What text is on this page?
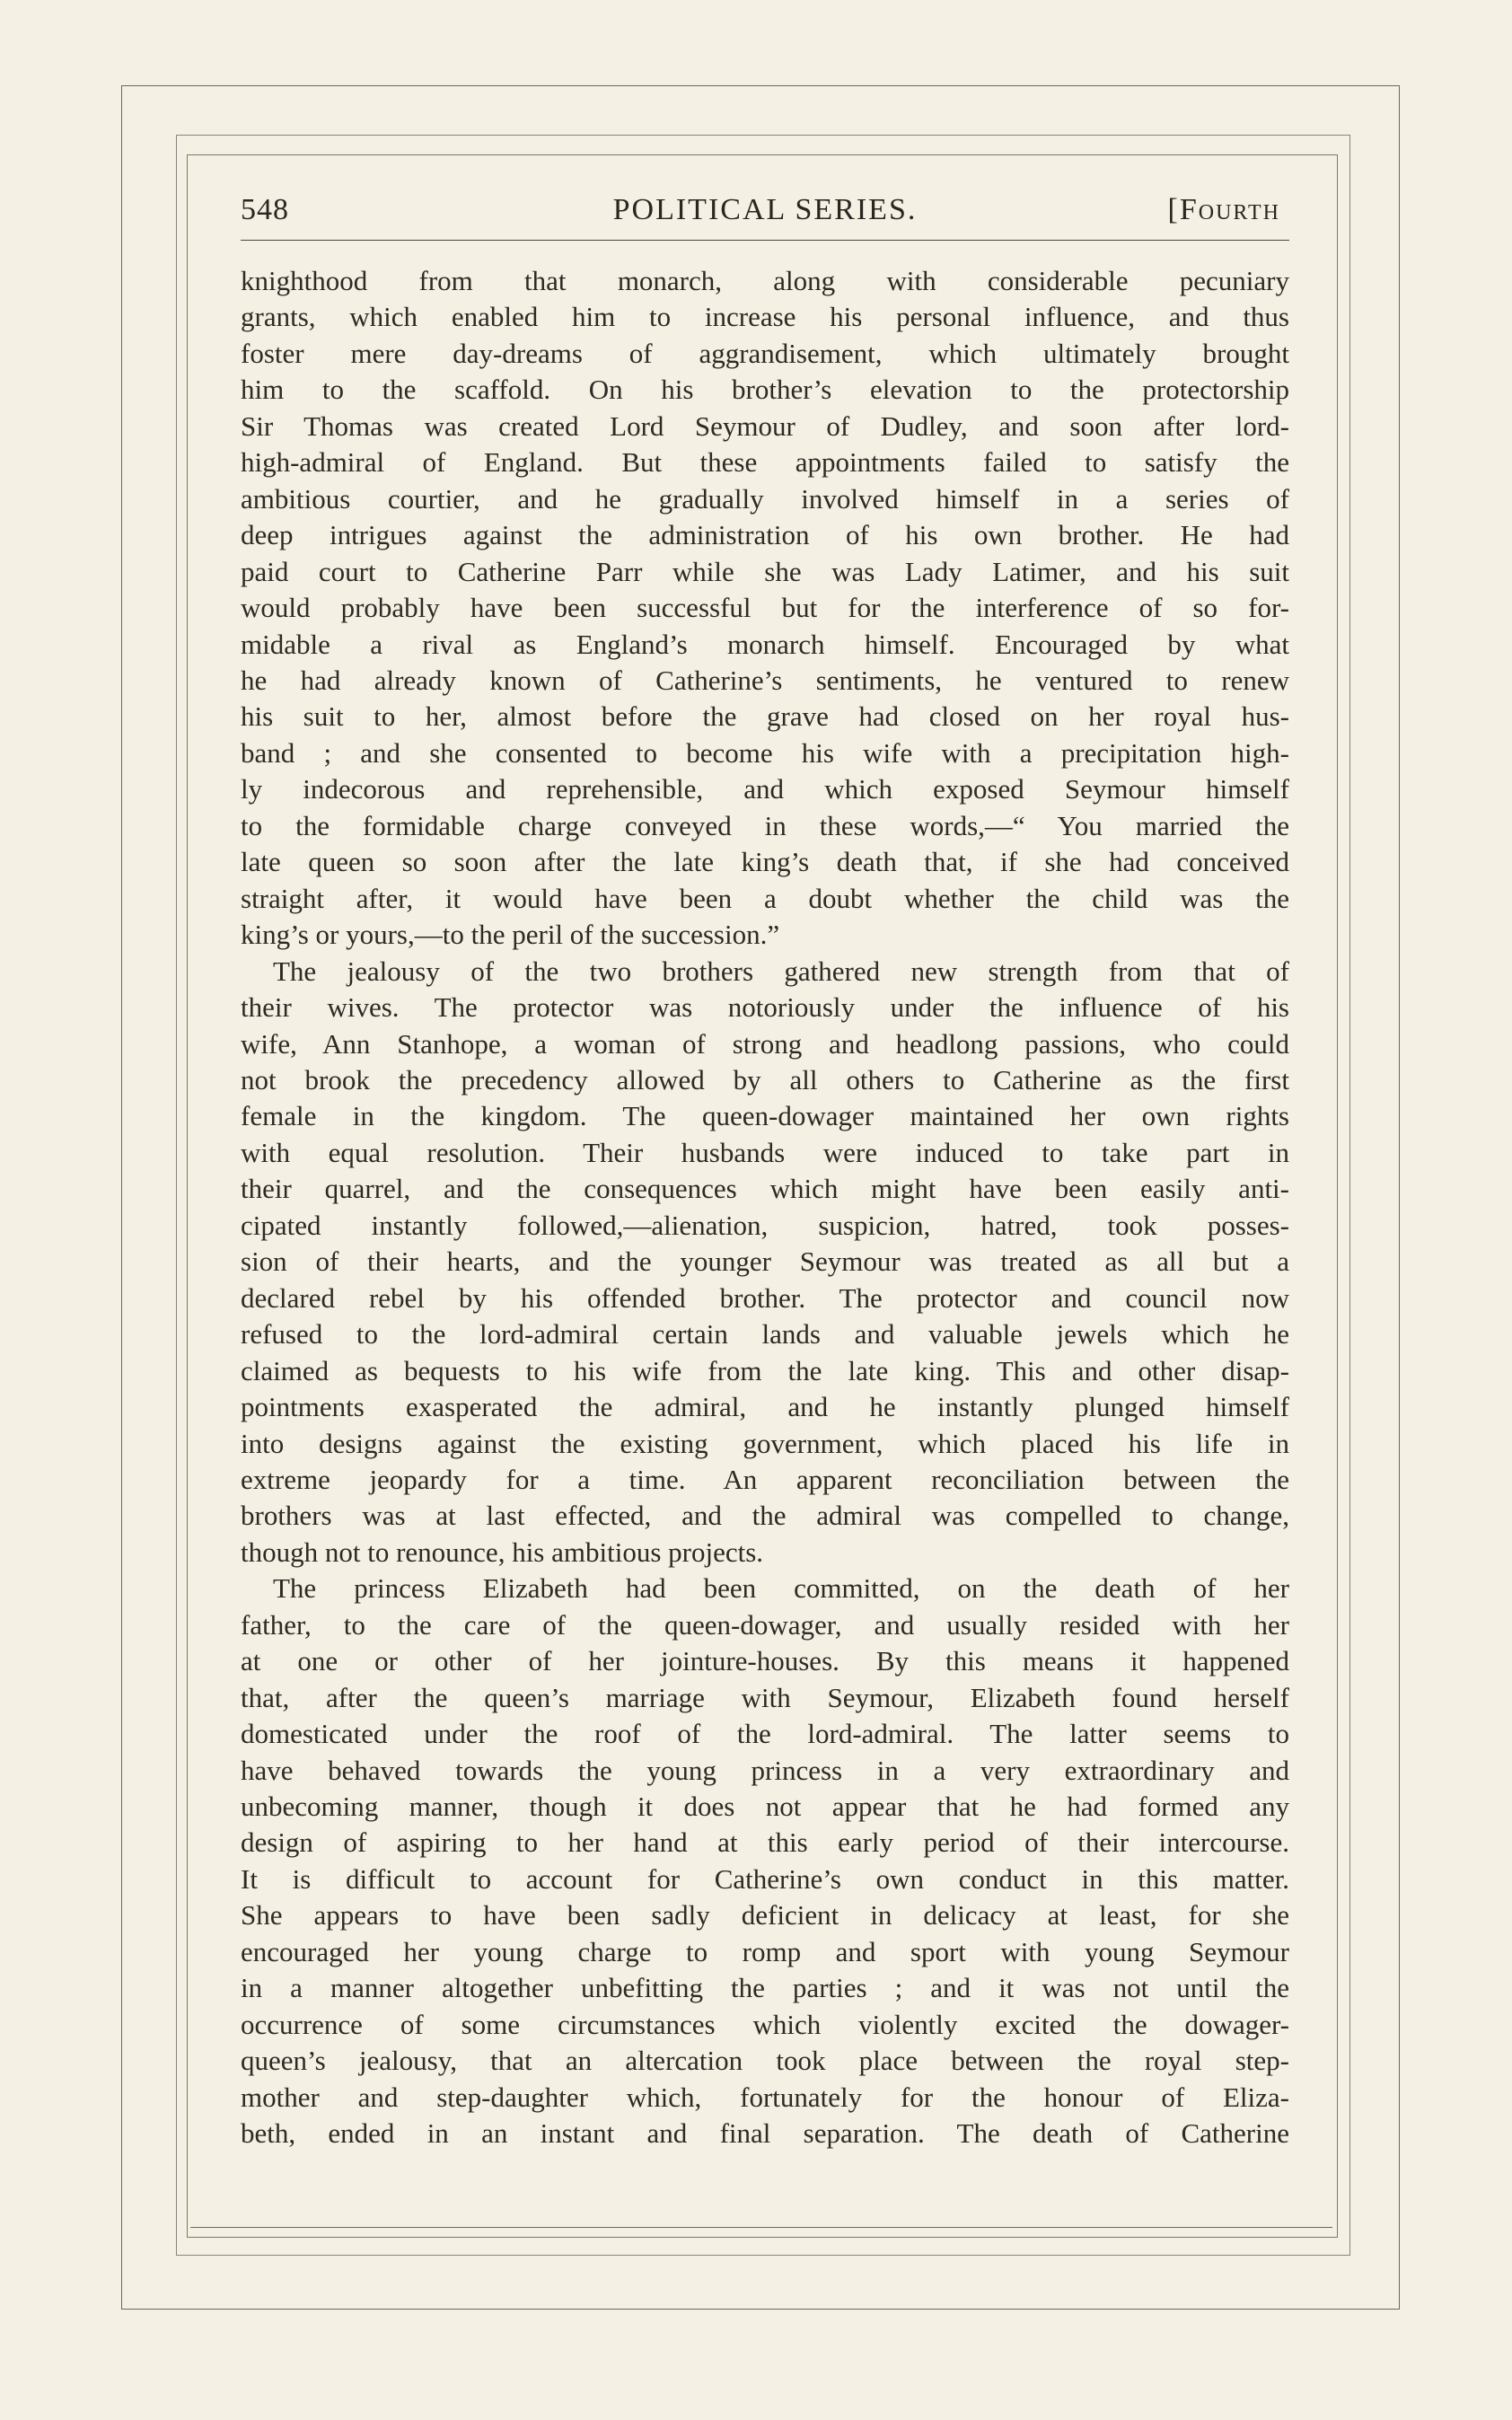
548	POLITICAL SERIES.	[Fourth
knighthood from that monarch, along with considerable pecuniary
grants, which enabled him to increase his personal influence, and thus
foster mere day-dreams of aggrandisement, which ultimately brought
him to the scaffold. On his brother’s elevation to the protectorship
Sir Thomas was created Lord Seymour of Dudley, and soon after lord-
high-admiral of England. But these appointments failed to satisfy the
ambitious courtier, and he gradually involved himself in a series of
deep intrigues against the administration of his own brother. He had
paid court to Catherine Parr while she was Lady Latimer, and his suit
would probably have been successful but for the interference of so for-
midable a rival as England’s monarch himself. Encouraged by what
he had already known of Catherine’s sentiments, he ventured to renew
his suit to her, almost before the grave had closed on her royal hus-
band ; and she consented to become his wife with a precipitation high-
ly indecorous and reprehensible, and which exposed Seymour himself
to the formidable charge conveyed in these words,—“ You married the
late queen so soon after the late king’s death that, if she had conceived
straight after, it would have been a doubt whether the child was the
king’s or yours,—to the peril of the succession.”
The jealousy of the two brothers gathered new strength from that of
their wives. The protector was notoriously under the influence of his
wife, Ann Stanhope, a woman of strong and headlong passions, who could
not brook the precedency allowed by all others to Catherine as the first
female in the kingdom. The queen-dowager maintained her own rights
with equal resolution. Their husbands were induced to take part in
their quarrel, and the consequences which might have been easily anti-
cipated instantly followed,—alienation, suspicion, hatred, took posses-
sion of their hearts, and the younger Seymour was treated as all but a
declared rebel by his offended brother. The protector and council now
refused to the lord-admiral certain lands and valuable jewels which he
claimed as bequests to his wife from the late king. This and other disap-
pointments exasperated the admiral, and he instantly plunged himself
into designs against the existing government, which placed his life in
extreme jeopardy for a time. An apparent reconciliation between the
brothers was at last effected, and the admiral was compelled to change,
though not to renounce, his ambitious projects.
The princess Elizabeth had been committed, on the death of her
father, to the care of the queen-dowager, and usually resided with her
at one or other of her jointure-houses. By this means it happened
that, after the queen’s marriage with Seymour, Elizabeth found herself
domesticated under the roof of the lord-admiral. The latter seems to
have behaved towards the young princess in a very extraordinary and
unbecoming manner, though it does not appear that he had formed any
design of aspiring to her hand at this early period of their intercourse.
It is difficult to account for Catherine’s own conduct in this matter.
She appears to have been sadly deficient in delicacy at least, for she
encouraged her young charge to romp and sport with young Seymour
in a manner altogether unbefitting the parties ; and it was not until the
occurrence of some circumstances which violently excited the dowager-
queen’s jealousy, that an altercation took place between the royal step-
mother and step-daughter which, fortunately for the honour of Eliza-
beth, ended in an instant and final separation. The death of Catherine
